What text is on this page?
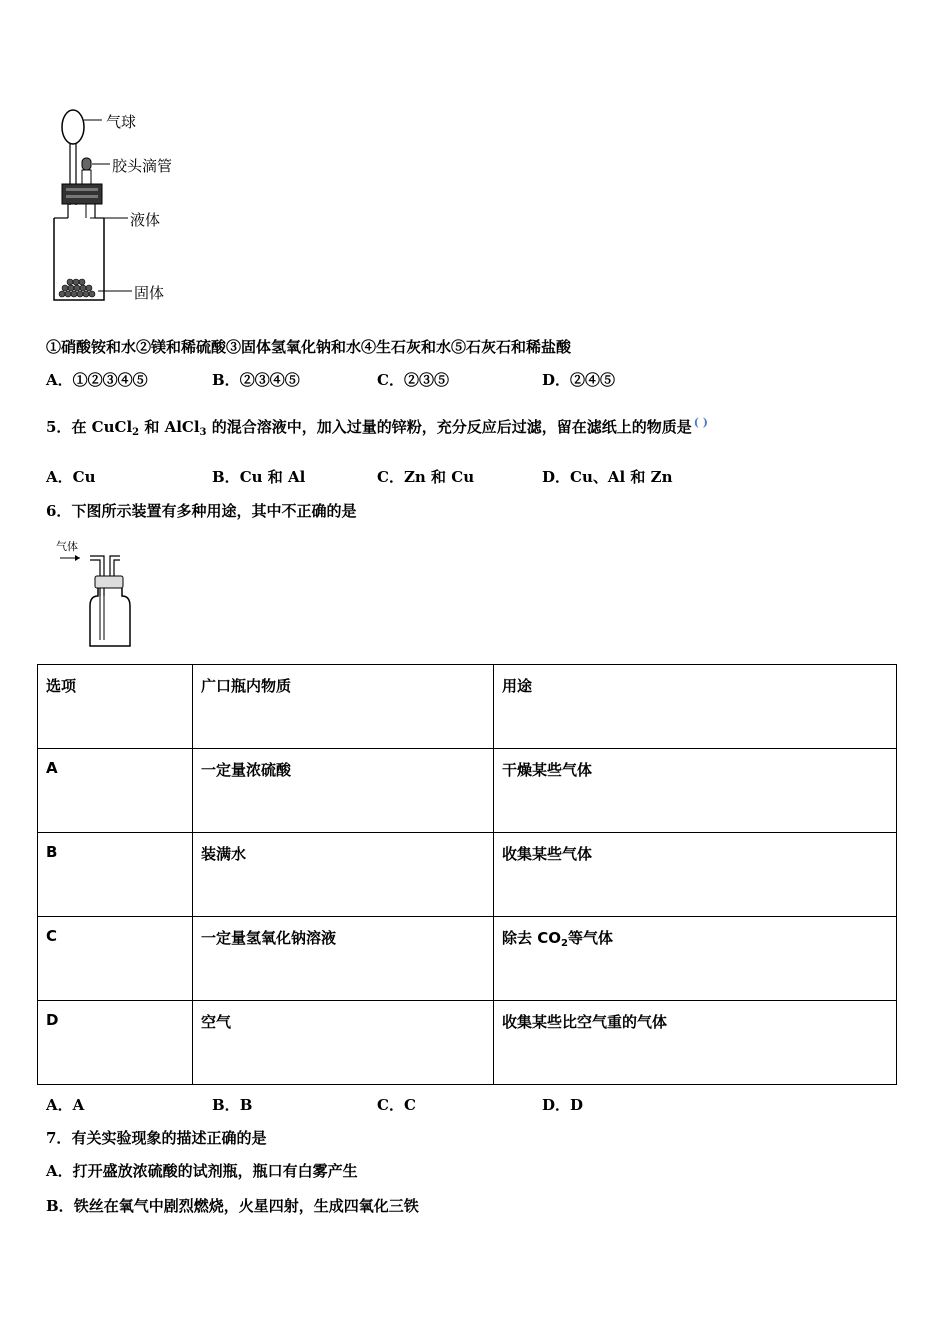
气球
胶头滴管
液体
固体
①硝酸铵和水②镁和稀硫酸③固体氢氧化钠和水④生石灰和水⑤石灰石和稀盐酸
A．①②③④⑤	B．②③④⑤	C．②③⑤	D．②④⑤
5．在 CuCl$_2$ 和 AlCl$_3$ 的混合溶液中，加入过量的锌粉，充分反应后过滤，留在滤纸上的物质是 ( )
A．Cu	B．Cu 和 Al	C．Zn 和 Cu	D．Cu、Al 和 Zn
6．下图所示装置有多种用途，其中不正确的是
气体
选项	广口瓶内物质	用途
A	一定量浓硫酸	干燥某些气体
B	装满水	收集某些气体
C	一定量氢氧化钠溶液	除去 $CO_2$等气体
D	空气	收集某些比空气重的气体
A．A	B．B	C．C	D．D
7．有关实验现象的描述正确的是
A．打开盛放浓硫酸的试剂瓶，瓶口有白雾产生
B．铁丝在氧气中剧烈燃烧，火星四射，生成四氧化三铁
